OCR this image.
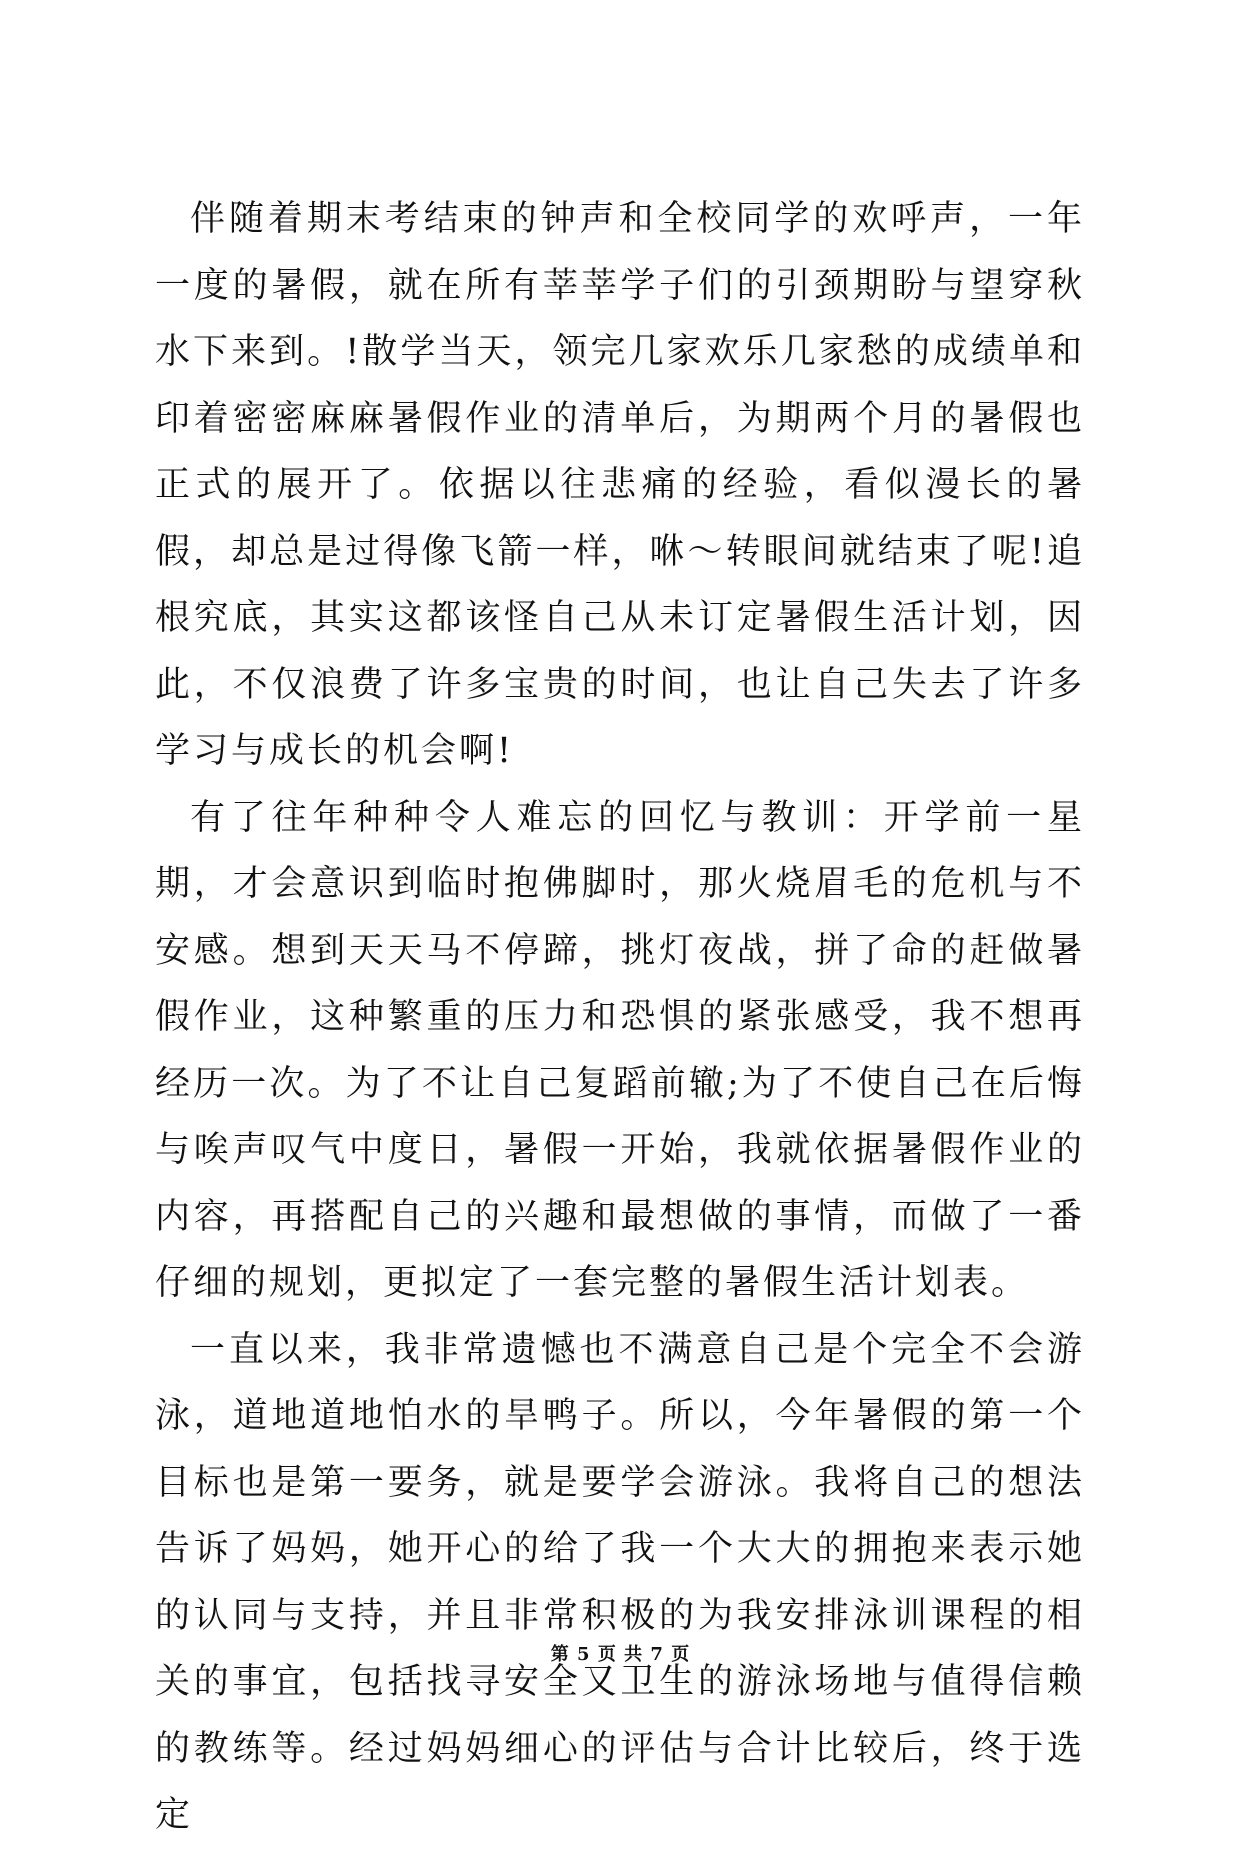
伴随着期末考结束的钟声和全校同学的欢呼声，一年一度的暑假，就在所有莘莘学子们的引颈期盼与望穿秋水下来到。!散学当天，领完几家欢乐几家愁的成绩单和印着密密麻麻暑假作业的清单后，为期两个月的暑假也正式的展开了。依据以往悲痛的经验，看似漫长的暑假，却总是过得像飞箭一样，咻～转眼间就结束了呢!追根究底，其实这都该怪自己从未订定暑假生活计划，因此，不仅浪费了许多宝贵的时间，也让自己失去了许多学习与成长的机会啊!

有了往年种种令人难忘的回忆与教训：开学前一星期，才会意识到临时抱佛脚时，那火烧眉毛的危机与不安感。想到天天马不停蹄，挑灯夜战，拼了命的赶做暑假作业，这种繁重的压力和恐惧的紧张感受，我不想再经历一次。为了不让自己复蹈前辙;为了不使自己在后悔与唉声叹气中度日，暑假一开始，我就依据暑假作业的内容，再搭配自己的兴趣和最想做的事情，而做了一番仔细的规划，更拟定了一套完整的暑假生活计划表。

一直以来，我非常遗憾也不满意自己是个完全不会游泳，道地道地怕水的旱鸭子。所以，今年暑假的第一个目标也是第一要务，就是要学会游泳。我将自己的想法告诉了妈妈，她开心的给了我一个大大的拥抱来表示她的认同与支持，并且非常积极的为我安排泳训课程的相关的事宜，包括找寻安全又卫生的游泳场地与值得信赖的教练等。经过妈妈细心的评估与合计比较后，终于选定

第 5 页 共 7 页
